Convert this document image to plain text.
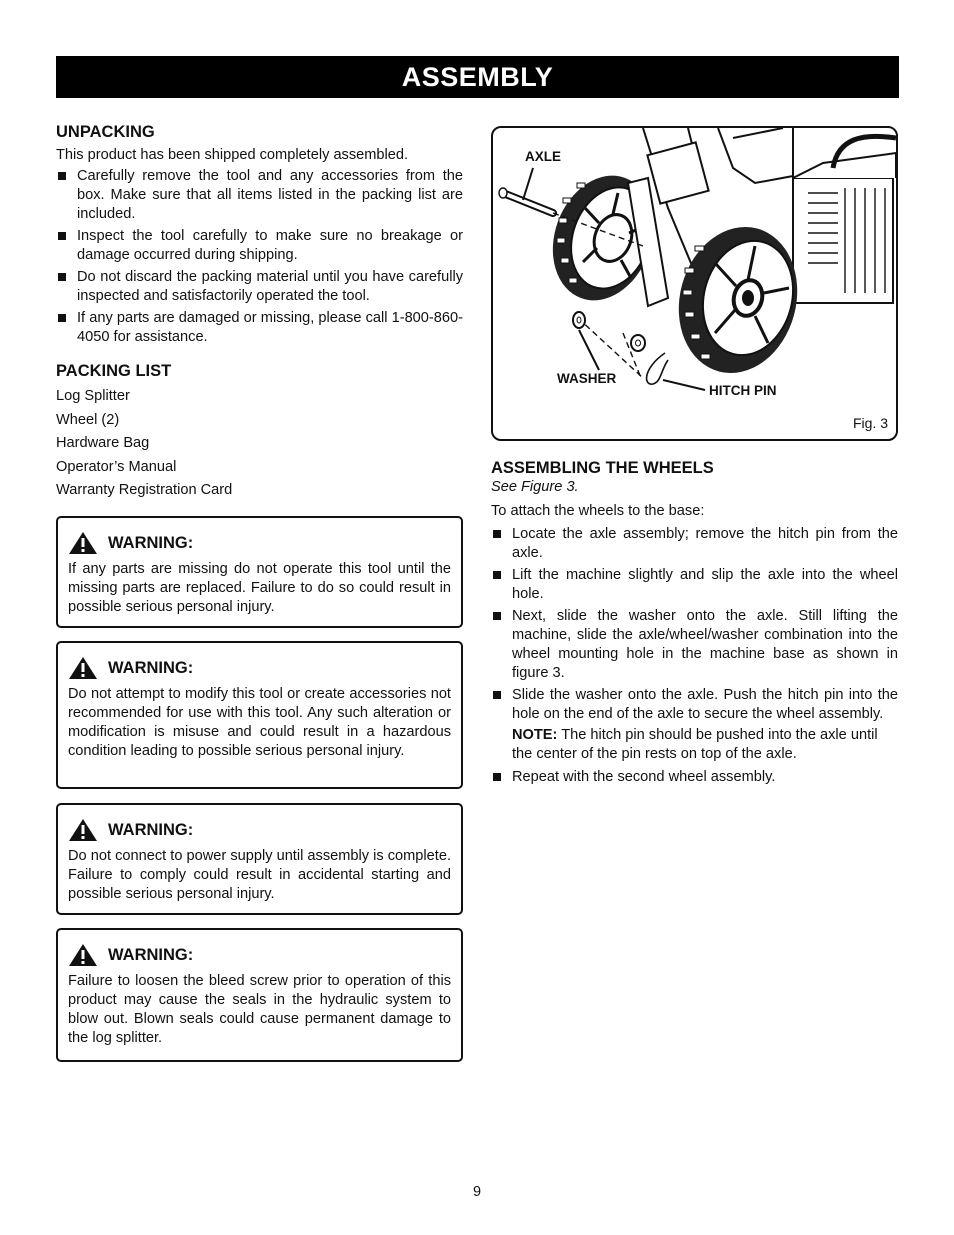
ASSEMBLY
UNPACKING

This product has been shipped completely assembled.

Carefully remove the tool and any accessories from the box. Make sure that all items listed in the packing list are included.
Inspect the tool carefully to make sure no breakage or damage occurred during shipping.
Do not discard the packing material until you have carefully inspected and satisfactorily operated the tool.
If any parts are damaged or missing, please call 1-800-860-4050 for assistance.
PACKING LIST

Log Splitter

Wheel (2)

Hardware Bag

Operator’s Manual

Warranty Registration Card

WARNING:
If any parts are missing do not operate this tool until the missing parts are replaced. Failure to do so could result in possible serious personal injury.
WARNING:
Do not attempt to modify this tool or create accessories not recommended for use with this tool. Any such alteration or modification is misuse and could result in a hazardous condition leading to possible serious personal injury.
WARNING:
Do not connect to power supply until assembly is complete. Failure to comply could result in accidental starting and possible serious personal injury.
WARNING:
Failure to loosen the bleed screw prior to operation of this product may cause the seals in the hydraulic system to blow out. Blown seals could cause permanent damage to the log splitter.
AXLE
WASHER
HITCH PIN
Fig. 3
ASSEMBLING THE WHEELS

See Figure 3.

To attach the wheels to the base:

Locate the axle assembly; remove the hitch pin from the axle.
Lift the machine slightly and slip the axle into the wheel hole.
Next, slide the washer onto the axle. Still lifting the machine, slide the axle/wheel/washer combination into the wheel mounting hole in the machine base as shown in figure 3.
Slide the washer onto the axle. Push the hitch pin into the hole on the end of the axle to secure the wheel assembly.

NOTE: The hitch pin should be pushed into the axle until the center of the pin rests on top of the axle.

Repeat with the second wheel assembly.
9
